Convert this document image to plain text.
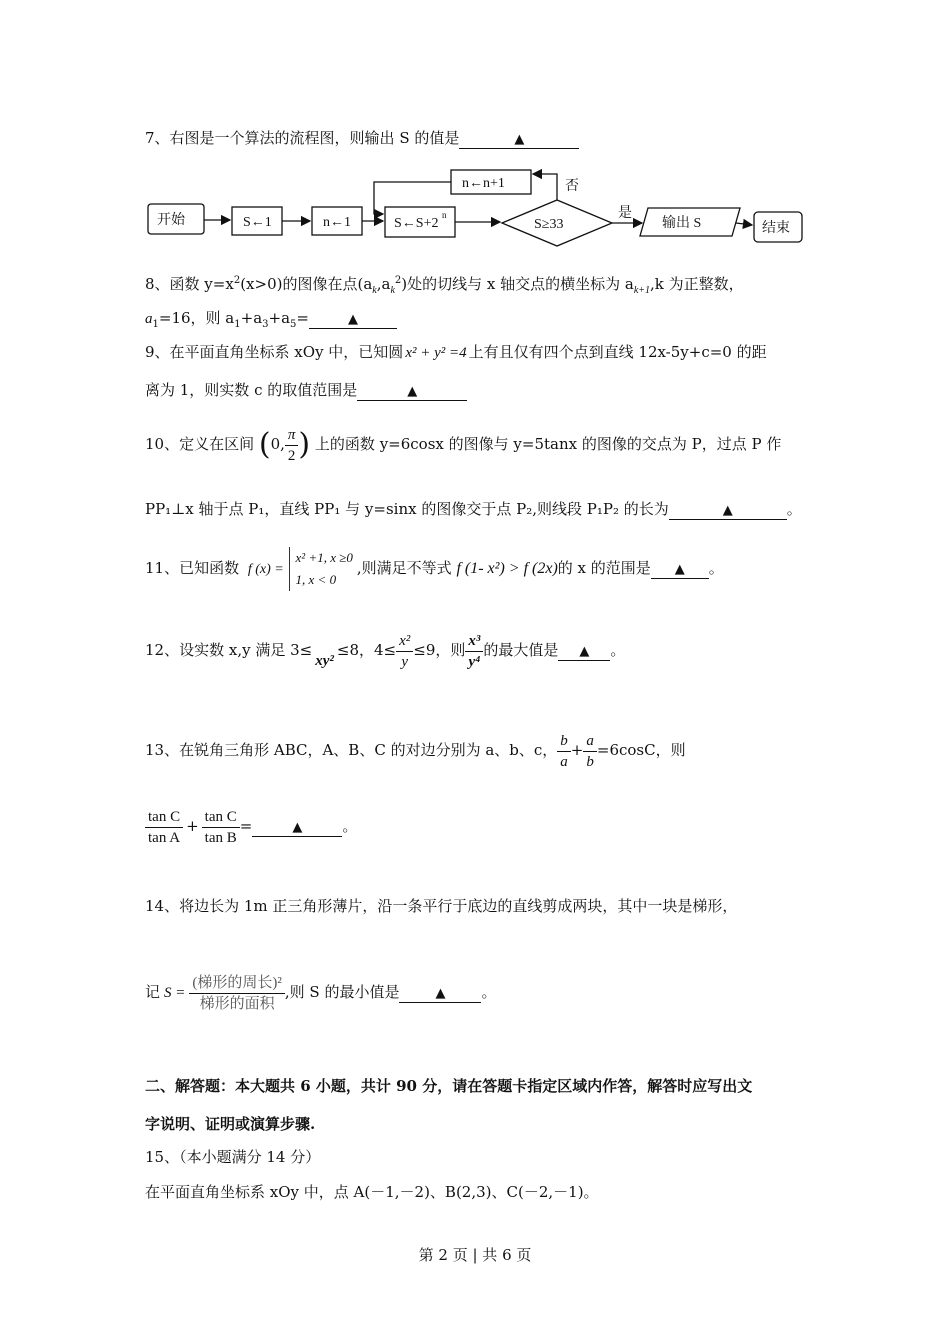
7、右图是一个算法的流程图，则输出 S 的值是	▲
开始	S←1	n←1	S←S+2
n
S≥33
n←n+1	否
是
输出 S	结束
8、函数 $y=x^2(x>0)$的图像在点$(a_k,a_k^2)$处的切线与 x 轴交点的横坐标为 $a_{k+1},k$ 为正整数，
$a_1=16$，则 $a_1+a_3+a_5=$	▲
9、在平面直角坐标系 xOy 中，已知圆 x² + y² =4 上有且仅有四个点到直线 12x-5y+c=0 的距
离为 1，则实数 c 的取值范围是	▲
10、定义在区间 (0, $\frac{\pi}{2}$ ) 上的函数 y=6cosx 的图像与 y=5tanx 的图像的交点为 P，过点 P 作
PP₁⊥x 轴于点 P₁，直线 PP₁ 与 y=sinx 的图像交于点 P₂,则线段 P₁P₂ 的长为	▲	。
11、已知函数 f (x) =
x² +1, x ≥0
1, x < 0
,则满足不等式 f (1- x²) > f (2x)的 x 的范围是 ▲ 。
12、设实数 x,y 满足 3≤

xy²
≤8，$4\le \frac{\text{x²}}{y} \le 9$，则 $\frac{\text{x³}}{\text{y⁴}}$ 的最大值是 ▲ 。
13、在锐角三角形 ABC，A、B、C 的对边分别为 a、b、c， $\frac{b}{a} + \frac{a}{b} =6\cos C$，则
$\frac{\text{tan C}}{\text{tan A}} + \frac{\text{tan C}}{\text{tan B}}$ =	▲	。
14、将边长为 1m 正三角形薄片，沿一条平行于底边的直线剪成两块，其中一块是梯形，
记 $S = \frac{\text{(梯形的周长)²}}{\text{梯形的面积}}$ ,则 S 的最小值是	▲ 。
二、解答题：本大题共 6 小题，共计 90 分，请在答题卡指定区域内作答，解答时应写出文
字说明、证明或演算步骤.
15、（本小题满分 14 分）
在平面直角坐标系 xOy 中，点 A(－1,－2)、B(2,3)、C(－2,－1)。
第 2 页 | 共 6 页
